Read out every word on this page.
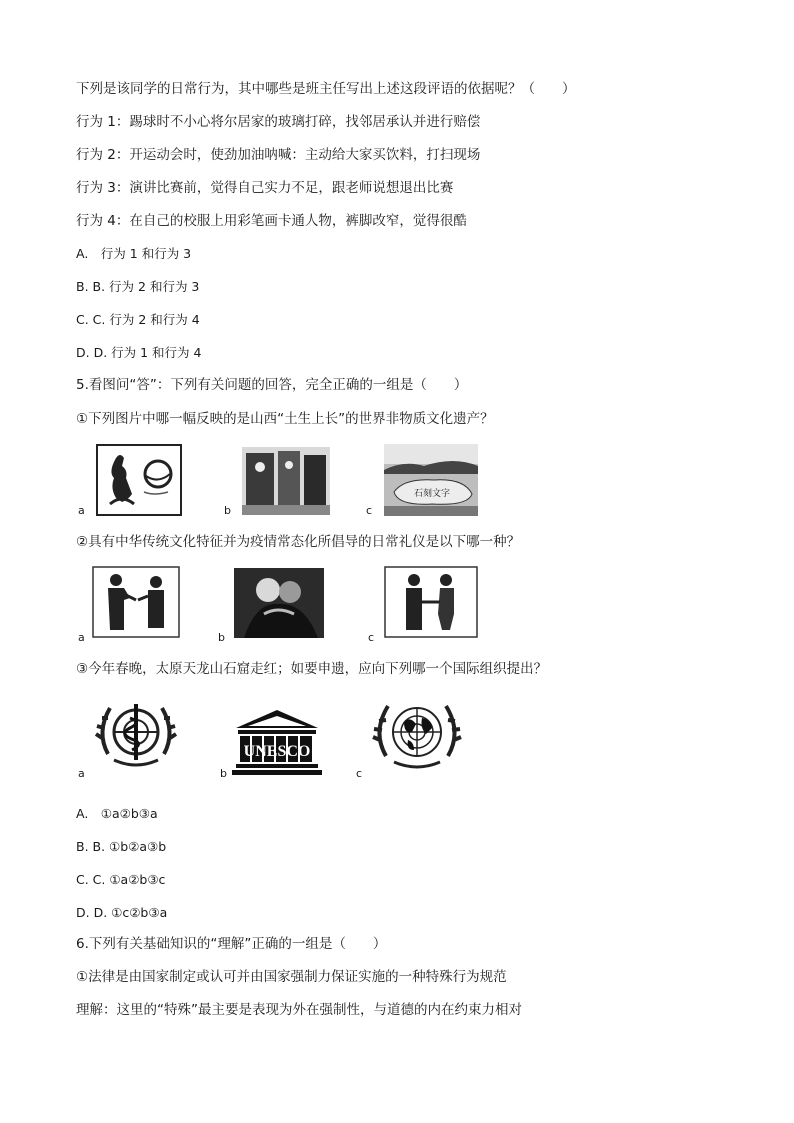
下列是该同学的日常行为，其中哪些是班主任写出上述这段评语的依据呢？（　　）
行为 1：踢球时不小心将尔居家的玻璃打碎，找邻居承认并进行赔偿
行为 2：开运动会时，使劲加油呐喊：主动给大家买饮料，打扫现场
行为 3：演讲比赛前，觉得自己实力不足，跟老师说想退出比赛
行为 4：在自己的校服上用彩笔画卡通人物，裤脚改窄，觉得很酷
A.　行为 1 和行为 3
B. B. 行为 2 和行为 3
C. C. 行为 2 和行为 4
D. D. 行为 1 和行为 4
5.看图问“答”：下列有关问题的回答，完全正确的一组是（　　）
①下列图片中哪一幅反映的是山西“土生上长”的世界非物质文化遗产？
a	b
石刻文字
c
②具有中华传统文化特征并为疫情常态化所倡导的日常礼仪是以下哪一种？
a	b	c
③今年春晚，太原天龙山石窟走红；如要申遗，应向下列哪一个国际组织提出？
a
UNESCO
b	c
A.　①a②b③a
B. B. ①b②a③b
C. C. ①a②b③c
D. D. ①c②b③a
6.下列有关基础知识的“理解”正确的一组是（　　）
①法律是由国家制定或认可并由国家强制力保证实施的一种特殊行为规范
理解：这里的“特殊”最主要是表现为外在强制性，与道德的内在约束力相对
